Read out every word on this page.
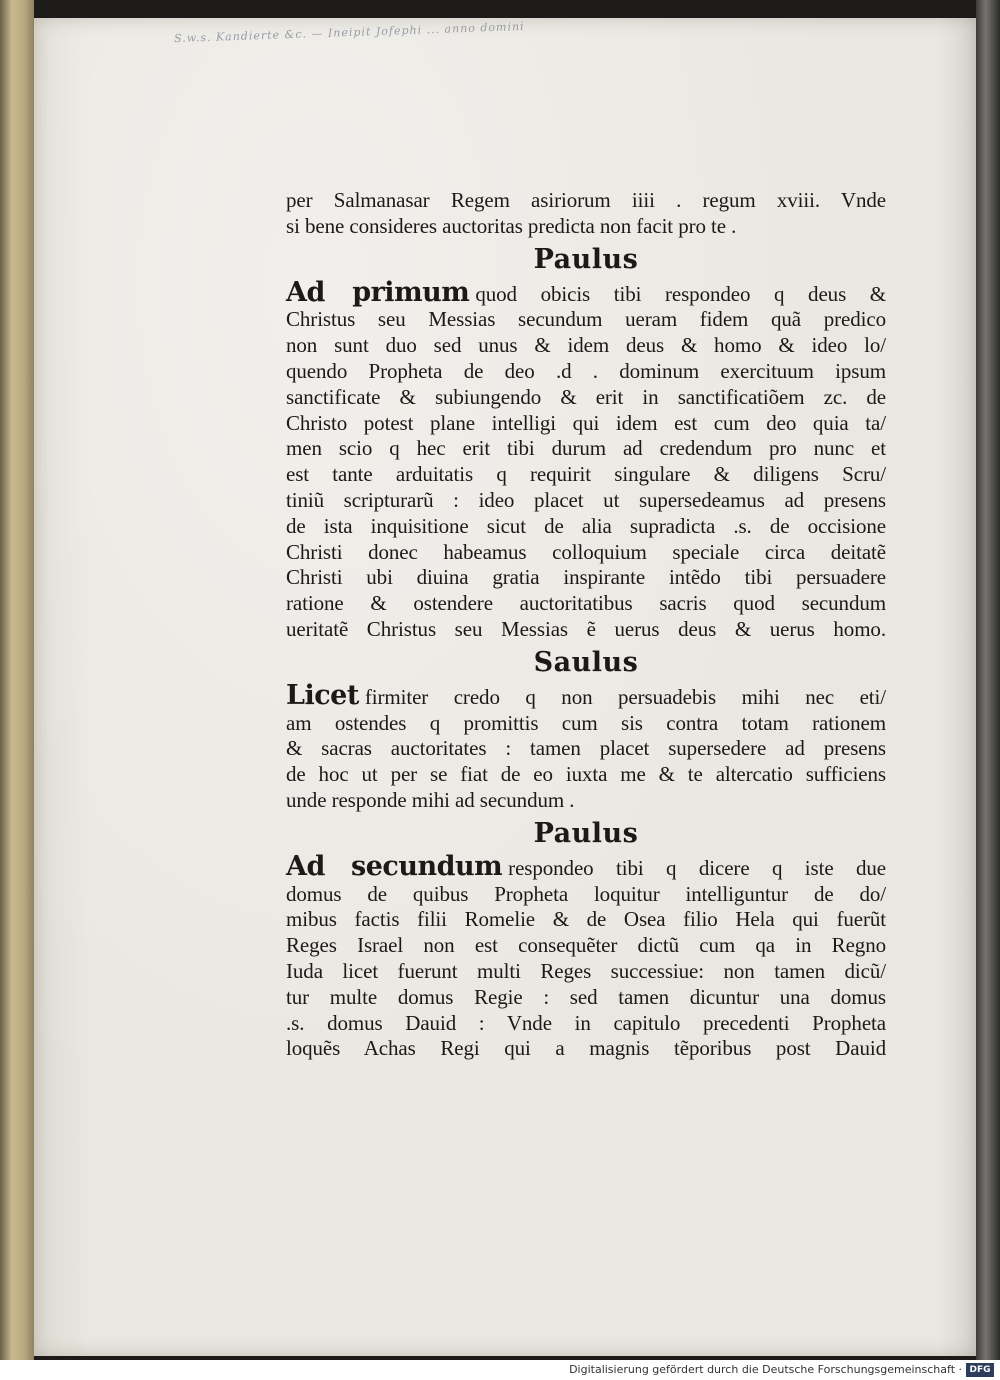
S.w.s. Kandierte &c. — Ineipit Jofephi ... anno domini
per Salmanasar Regem asiriorum iiii . regum xviii. Vnde
si bene consideres auctoritas predicta non facit pro te .
Paulus
Ad primum quod obicis tibi respondeo q deus &
Christus seu Messias secundum ueram fidem quã predico
non sunt duo sed unus & idem deus & homo & ideo lo/
quendo Propheta de deo .d . dominum exercituum ipsum
sanctificate & subiungendo & erit in sanctificatiõem zc. de
Christo potest plane intelligi qui idem est cum deo quia ta/
men scio q hec erit tibi durum ad credendum pro nunc et
est tante arduitatis q requirit singulare & diligens Scru/
tiniũ scripturarũ : ideo placet ut supersedeamus ad presens
de ista inquisitione sicut de alia supradicta .s. de occisione
Christi donec habeamus colloquium speciale circa deitatẽ
Christi ubi diuina gratia inspirante intẽdo tibi persuadere
ratione & ostendere auctoritatibus sacris quod secundum
ueritatẽ Christus seu Messias ẽ uerus deus & uerus homo.
Saulus
Licet firmiter credo q non persuadebis mihi nec eti/
am ostendes q promittis cum sis contra totam rationem
& sacras auctoritates : tamen placet supersedere ad presens
de hoc ut per se fiat de eo iuxta me & te altercatio sufficiens
unde responde mihi ad secundum .
Paulus
Ad secundum respondeo tibi q dicere q iste due
domus de quibus Propheta loquitur intelliguntur de do/
mibus factis filii Romelie & de Osea filio Hela qui fuerũt
Reges Israel non est consequẽter dictũ cum qa in Regno
Iuda licet fuerunt multi Reges successiue: non tamen dicũ/
tur multe domus Regie : sed tamen dicuntur una domus
.s. domus Dauid : Vnde in capitulo precedenti Propheta
loquẽs Achas Regi qui a magnis tẽporibus post Dauid
Digitalisierung gefördert durch die Deutsche Forschungsgemeinschaft · DFG
